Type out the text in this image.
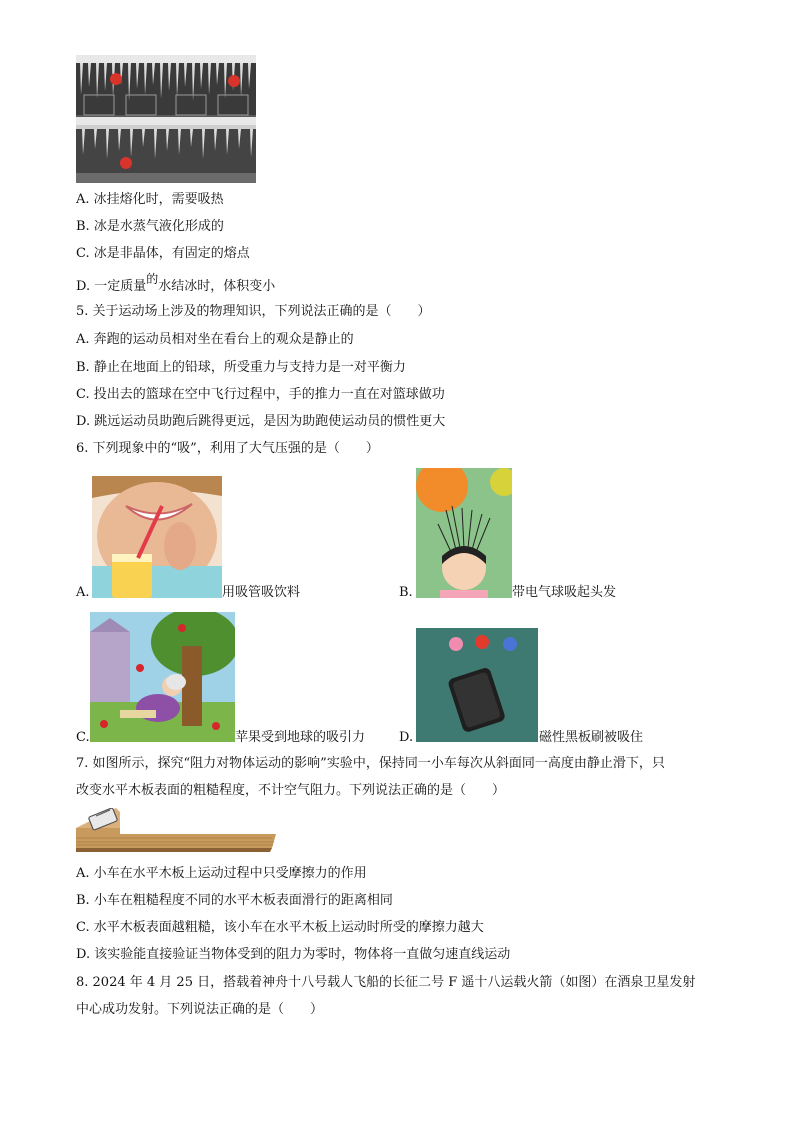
A. 冰挂熔化时，需要吸热
B. 冰是水蒸气液化形成的
C. 冰是非晶体，有固定的熔点
D. 一定质量的水结冰时，体积变小
5. 关于运动场上涉及的物理知识，下列说法正确的是（　　）
A. 奔跑的运动员相对坐在看台上的观众是静止的
B. 静止在地面上的铅球，所受重力与支持力是一对平衡力
C. 投出去的篮球在空中飞行过程中，手的推力一直在对篮球做功
D. 跳远运动员助跑后跳得更远，是因为助跑使运动员的惯性更大
6. 下列现象中的“吸”，利用了大气压强的是（　　）
A.	用吸管吸饮料	B.	带电气球吸起头发
C.	苹果受到地球的吸引力	D.	磁性黑板刷被吸住
7. 如图所示，探究“阻力对物体运动的影响”实验中，保持同一小车每次从斜面同一高度由静止滑下，只
改变水平木板表面的粗糙程度，不计空气阻力。下列说法正确的是（　　）
A. 小车在水平木板上运动过程中只受摩擦力的作用
B. 小车在粗糙程度不同的水平木板表面滑行的距离相同
C. 水平木板表面越粗糙，该小车在水平木板上运动时所受的摩擦力越大
D. 该实验能直接验证当物体受到的阻力为零时，物体将一直做匀速直线运动
8. 2024 年 4 月 25 日，搭载着神舟十八号载人飞船的长征二号 F 遥十八运载火箭（如图）在酒泉卫星发射
中心成功发射。下列说法正确的是（　　）
